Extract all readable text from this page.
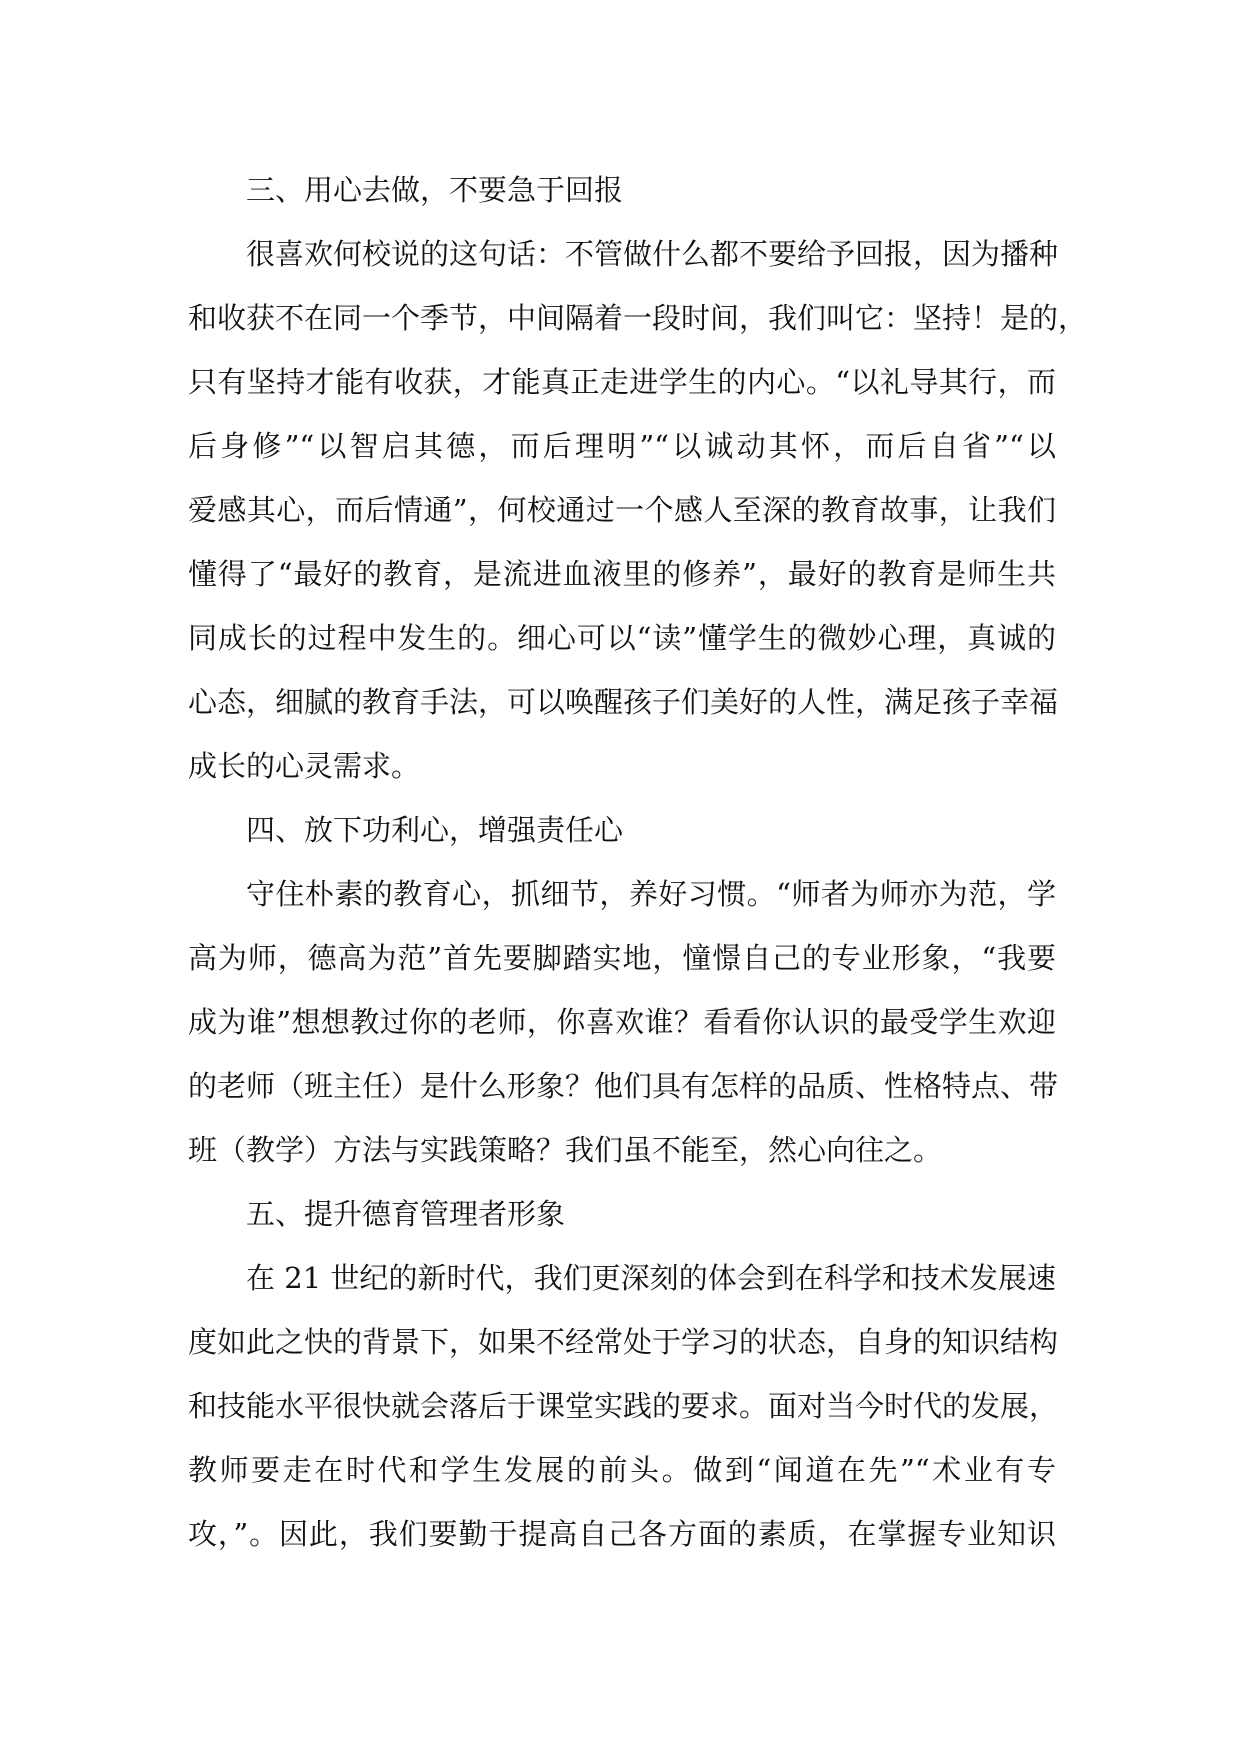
三、用心去做，不要急于回报
很喜欢何校说的这句话：不管做什么都不要给予回报，因为播种
和收获不在同一个季节，中间隔着一段时间，我们叫它：坚持！是的，
只有坚持才能有收获，才能真正走进学生的内心。“以礼导其行，而
后身修”“以智启其德，而后理明”“以诚动其怀，而后自省”“以
爱感其心，而后情通”，何校通过一个感人至深的教育故事，让我们
懂得了“最好的教育，是流进血液里的修养”，最好的教育是师生共
同成长的过程中发生的。细心可以“读”懂学生的微妙心理，真诚的
心态，细腻的教育手法，可以唤醒孩子们美好的人性，满足孩子幸福
成长的心灵需求。
四、放下功利心，增强责任心
守住朴素的教育心，抓细节，养好习惯。“师者为师亦为范，学
高为师，德高为范”首先要脚踏实地，憧憬自己的专业形象，“我要
成为谁”想想教过你的老师，你喜欢谁？看看你认识的最受学生欢迎
的老师（班主任）是什么形象？他们具有怎样的品质、性格特点、带
班（教学）方法与实践策略？我们虽不能至，然心向往之。
五、提升德育管理者形象
在 21 世纪的新时代，我们更深刻的体会到在科学和技术发展速
度如此之快的背景下，如果不经常处于学习的状态，自身的知识结构
和技能水平很快就会落后于课堂实践的要求。面对当今时代的发展，
教师要走在时代和学生发展的前头。做到“闻道在先”“术业有专
攻，”。因此，我们要勤于提高自己各方面的素质，在掌握专业知识
